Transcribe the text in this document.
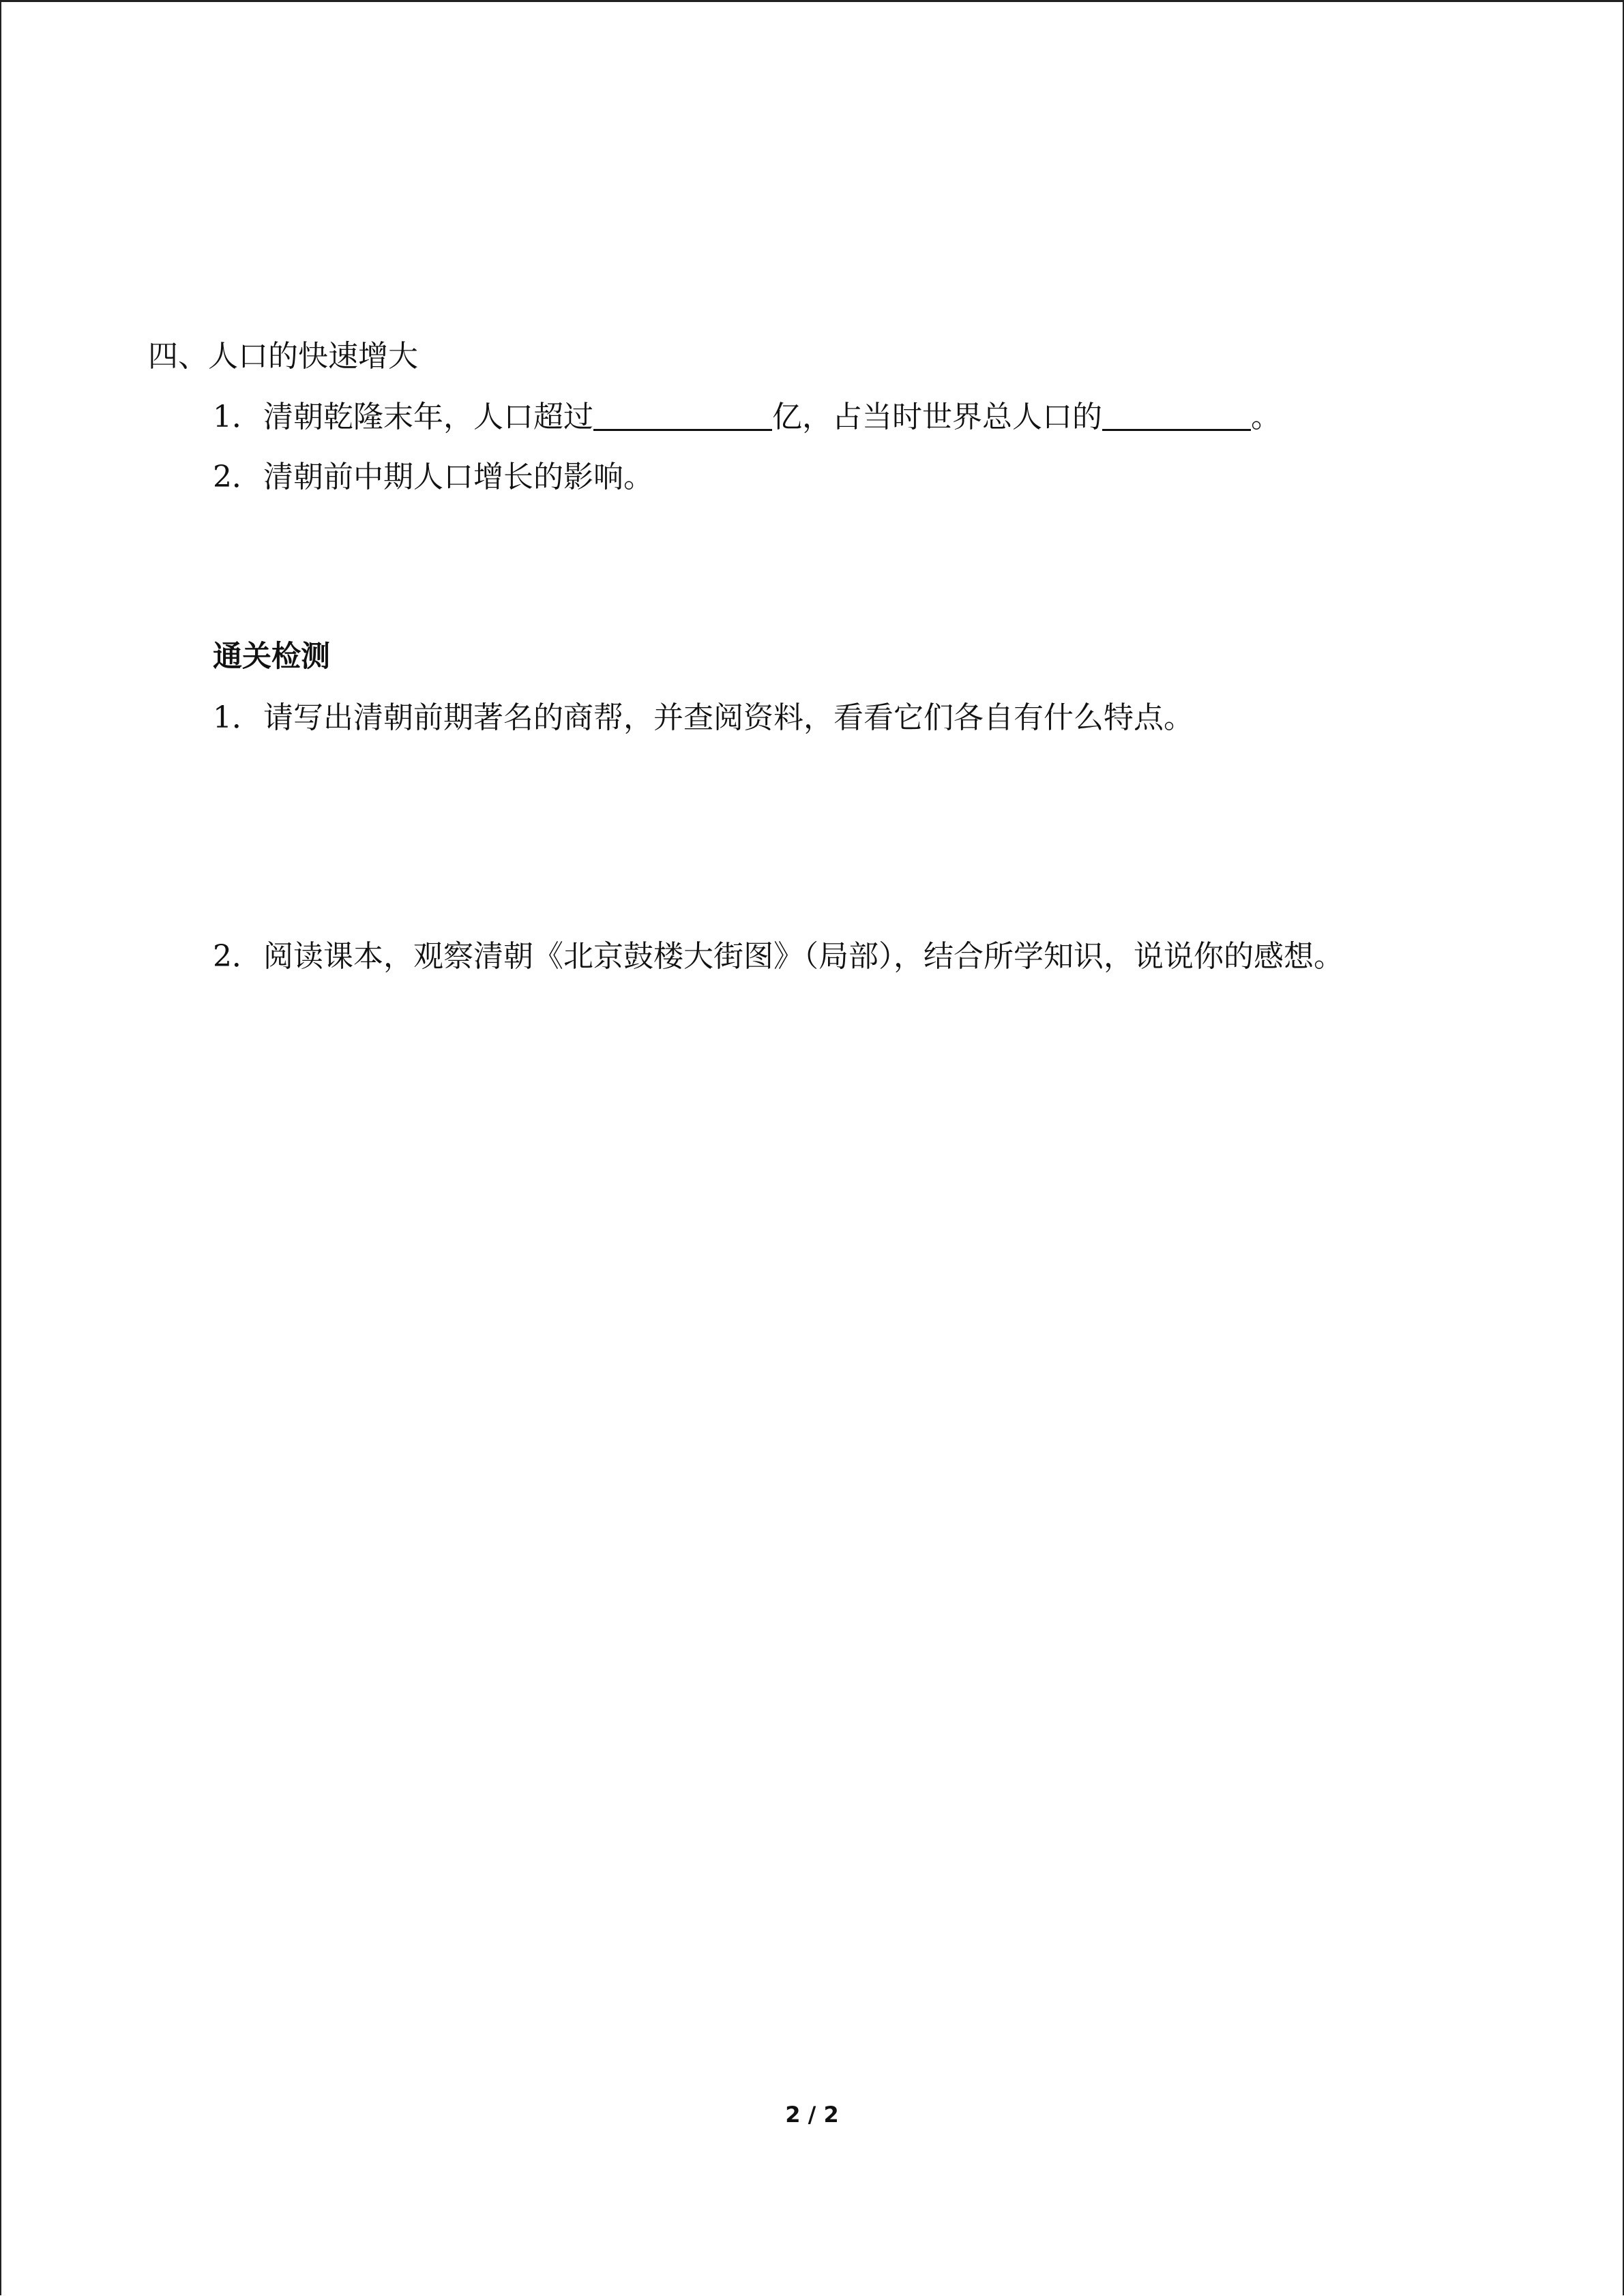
四、人口的快速增大
1．清朝乾隆末年，人口超过	亿，占当时世界总人口的	。
2．清朝前中期人口增长的影响。
通关检测
1．请写出清朝前期著名的商帮，并查阅资料，看看它们各自有什么特点。
2．阅读课本，观察清朝《北京鼓楼大街图》（局部），结合所学知识，说说你的感想。
2 / 2
